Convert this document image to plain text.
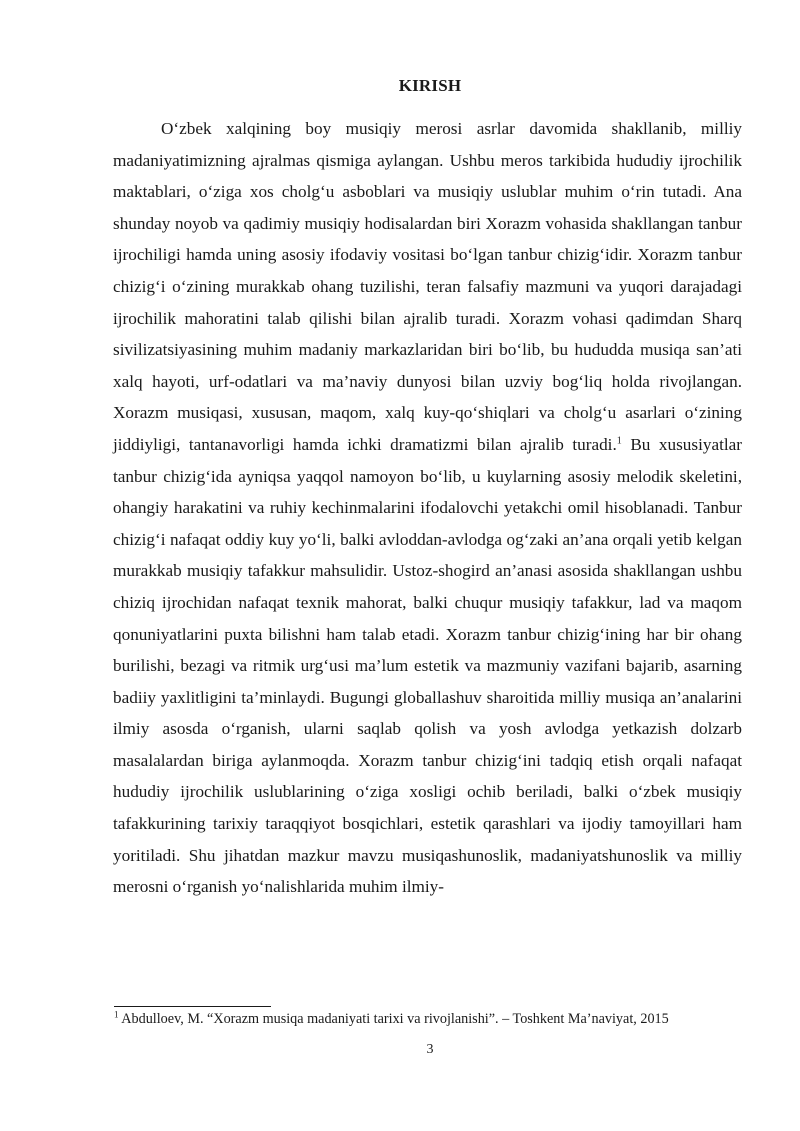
KIRISH

O‘zbek xalqining boy musiqiy merosi asrlar davomida shakllanib, milliy madaniyatimizning ajralmas qismiga aylangan. Ushbu meros tarkibida hududiy ijrochilik maktablari, o‘ziga xos cholg‘u asboblari va musiqiy uslublar muhim o‘rin tutadi. Ana shunday noyob va qadimiy musiqiy hodisalardan biri Xorazm vohasida shakllangan tanbur ijrochiligi hamda uning asosiy ifodaviy vositasi bo‘lgan tanbur chizig‘idir. Xorazm tanbur chizig‘i o‘zining murakkab ohang tuzilishi, teran falsafiy mazmuni va yuqori darajadagi ijrochilik mahoratini talab qilishi bilan ajralib turadi. Xorazm vohasi qadimdan Sharq sivilizatsiyasining muhim madaniy markazlaridan biri bo‘lib, bu hududda musiqa san’ati xalq hayoti, urf-odatlari va ma’naviy dunyosi bilan uzviy bog‘liq holda rivojlangan. Xorazm musiqasi, xususan, maqom, xalq kuy-qo‘shiqlari va cholg‘u asarlari o‘zining jiddiyligi, tantanavorligi hamda ichki dramatizmi bilan ajralib turadi.$^1$ Bu xususiyatlar tanbur chizig‘ida ayniqsa yaqqol namoyon bo‘lib, u kuylarning asosiy melodik skeletini, ohangiy harakatini va ruhiy kechinmalarini ifodalovchi yetakchi omil hisoblanadi. Tanbur chizig‘i nafaqat oddiy kuy yo‘li, balki avloddan-avlodga og‘zaki an’ana orqali yetib kelgan murakkab musiqiy tafakkur mahsulidir. Ustoz-shogird an’anasi asosida shakllangan ushbu chiziq ijrochidan nafaqat texnik mahorat, balki chuqur musiqiy tafakkur, lad va maqom qonuniyatlarini puxta bilishni ham talab etadi. Xorazm tanbur chizig‘ining har bir ohang burilishi, bezagi va ritmik urg‘usi ma’lum estetik va mazmuniy vazifani bajarib, asarning badiiy yaxlitligini ta’minlaydi. Bugungi globallashuv sharoitida milliy musiqa an’analarini ilmiy asosda o‘rganish, ularni saqlab qolish va yosh avlodga yetkazish dolzarb masalalardan biriga aylanmoqda. Xorazm tanbur chizig‘ini tadqiq etish orqali nafaqat hududiy ijrochilik uslublarining o‘ziga xosligi ochib beriladi, balki o‘zbek musiqiy tafakkurining tarixiy taraqqiyot bosqichlari, estetik qarashlari va ijodiy tamoyillari ham yoritiladi. Shu jihatdan mazkur mavzu musiqashunoslik, madaniyatshunoslik va milliy merosni o‘rganish yo‘nalishlarida muhim ilmiy-

$^1$ Abdulloev, M. “Xorazm musiqa madaniyati tarixi va rivojlanishi”. – Toshkent Ma’naviyat, 2015

3
